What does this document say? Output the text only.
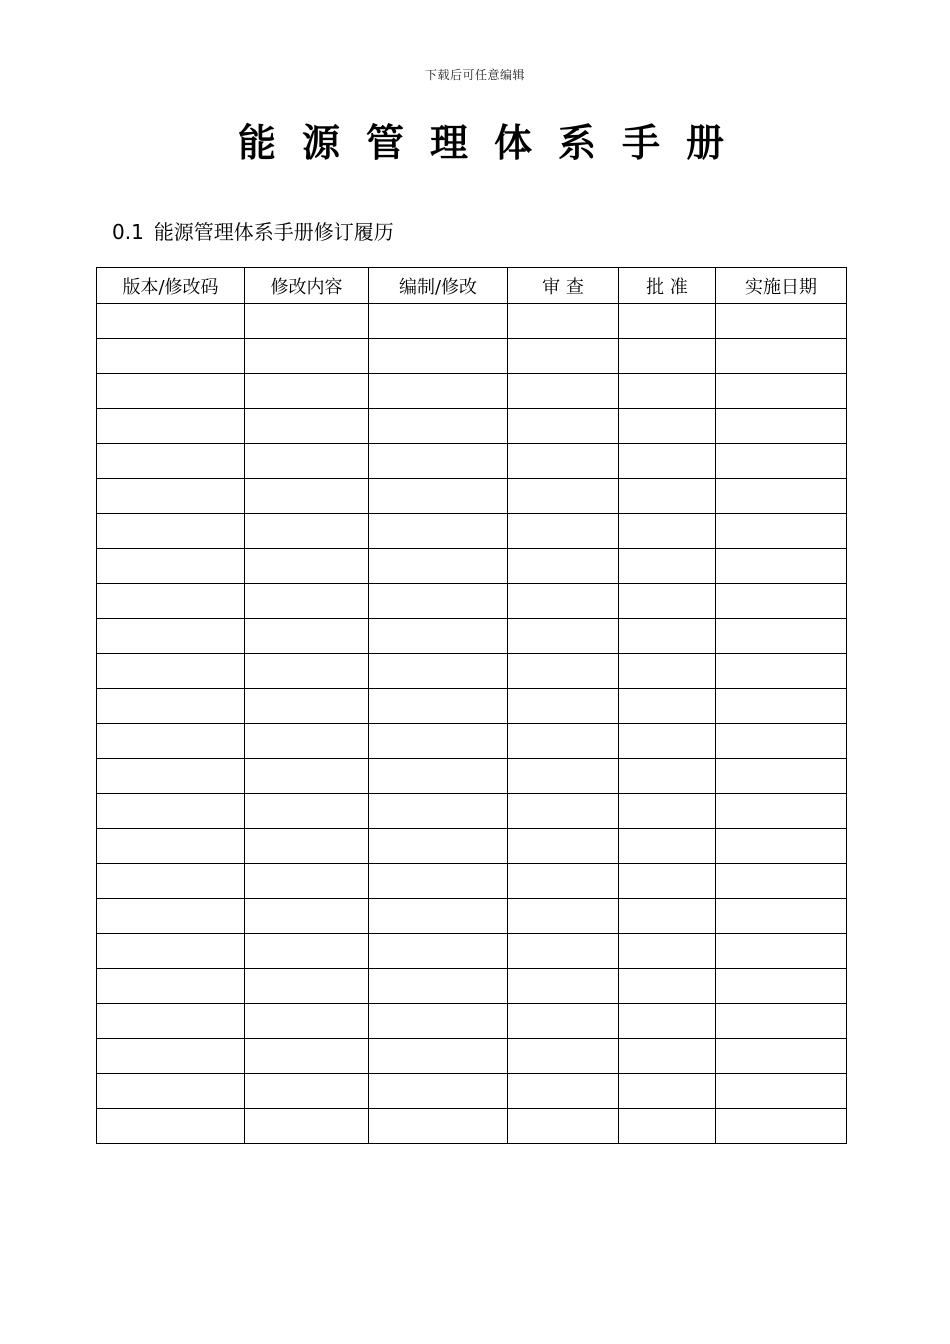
下载后可任意编辑
能源管理体系手册
0.1 能源管理体系手册修订履历
版本/修改码	修改内容	编制/修改	审 查	批 准	实施日期
